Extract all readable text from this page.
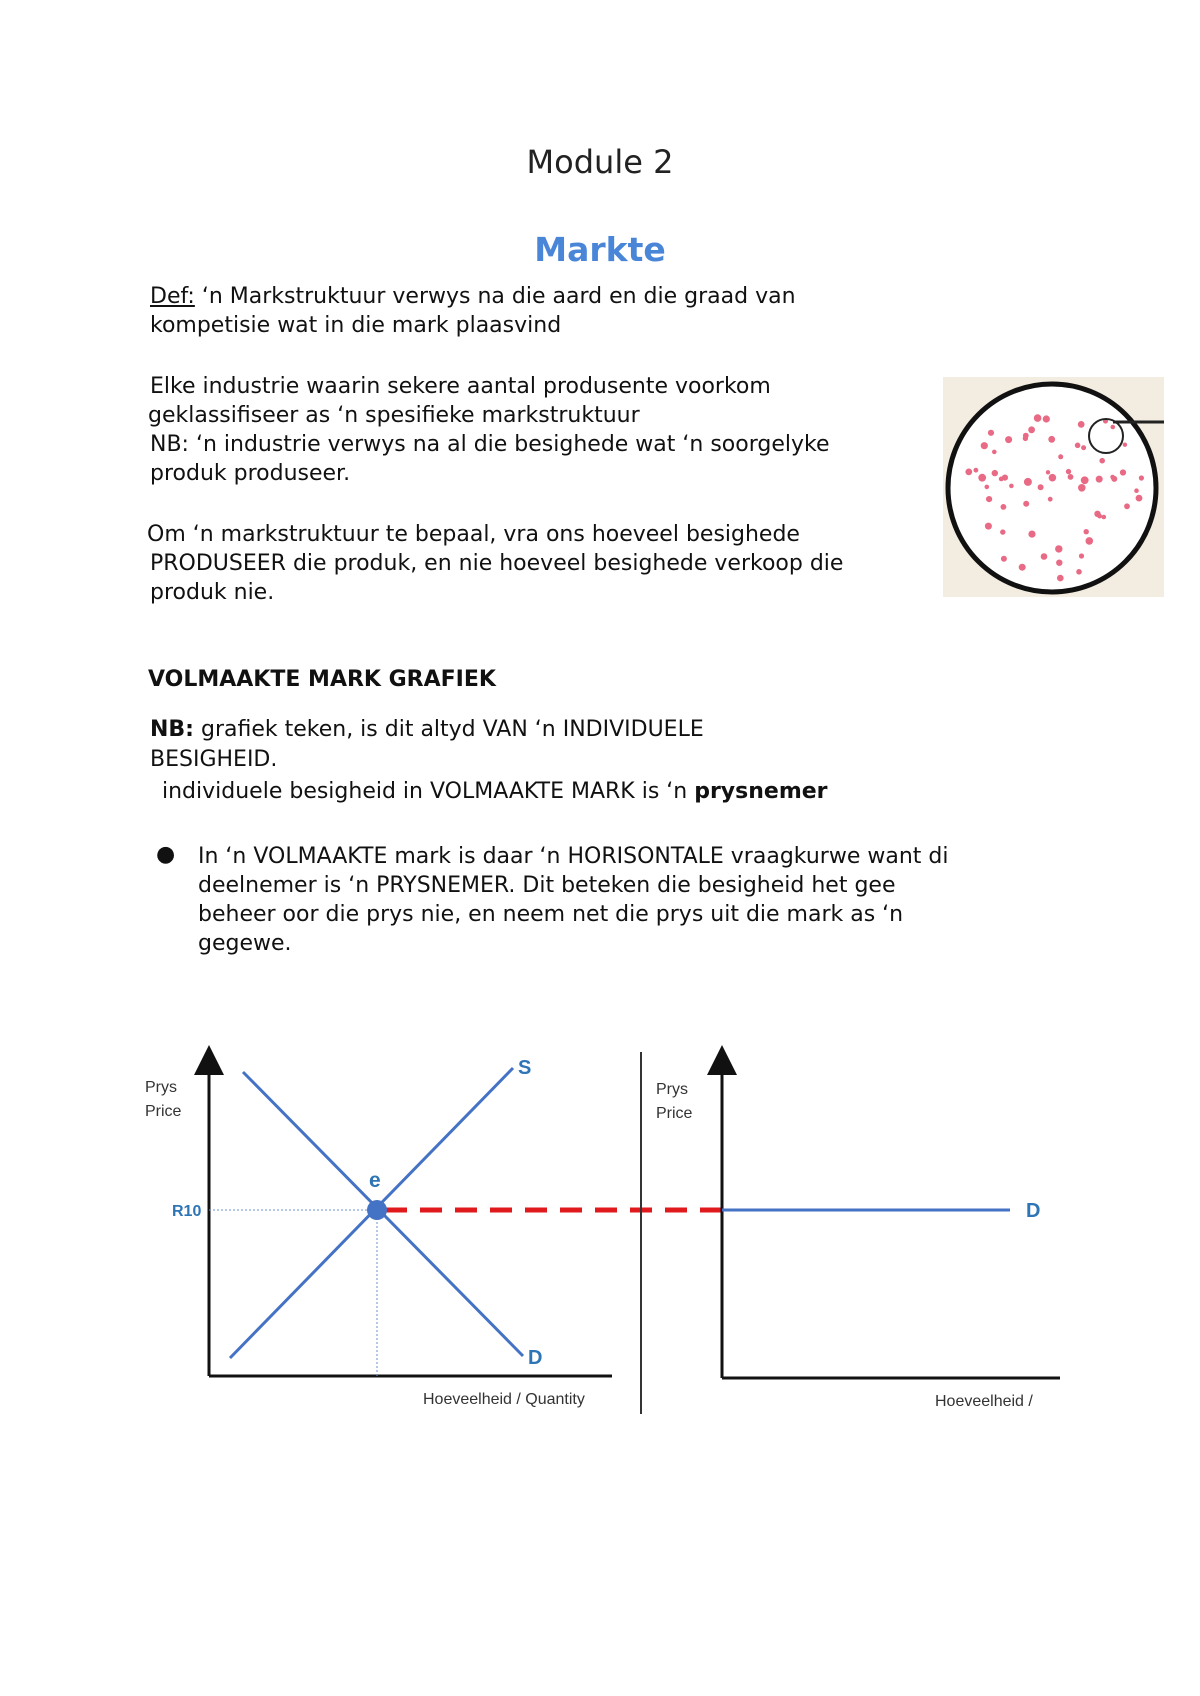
Module 2
Markte
Def: ‘n Markstruktuur verwys na die aard en die graad van
kompetisie wat in die mark plaasvind
Elke industrie waarin sekere aantal produsente voorkom
geklassifiseer as ‘n spesifieke markstruktuur
NB: ‘n industrie verwys na al die besighede wat ‘n soorgelyke
produk produseer.
Om ‘n markstruktuur te bepaal, vra ons hoeveel besighede
PRODUSEER die produk, en nie hoeveel besighede verkoop die
produk nie.
VOLMAAKTE MARK GRAFIEK
NB: grafiek teken, is dit altyd VAN ‘n INDIVIDUELE
BESIGHEID.
individuele besigheid in VOLMAAKTE MARK is ‘n prysnemer
● In ‘n VOLMAAKTE mark is daar ‘n HORISONTALE vraagkurwe want di
deelnemer is ‘n PRYSNEMER. Dit beteken die besigheid het gee
beheer oor die prys nie, en neem net die prys uit die mark as ‘n
gegewe.
Prys
Price
R10
e
S
D
Hoeveelheid / Quantity
Prys
Price
D
Hoeveelheid /
